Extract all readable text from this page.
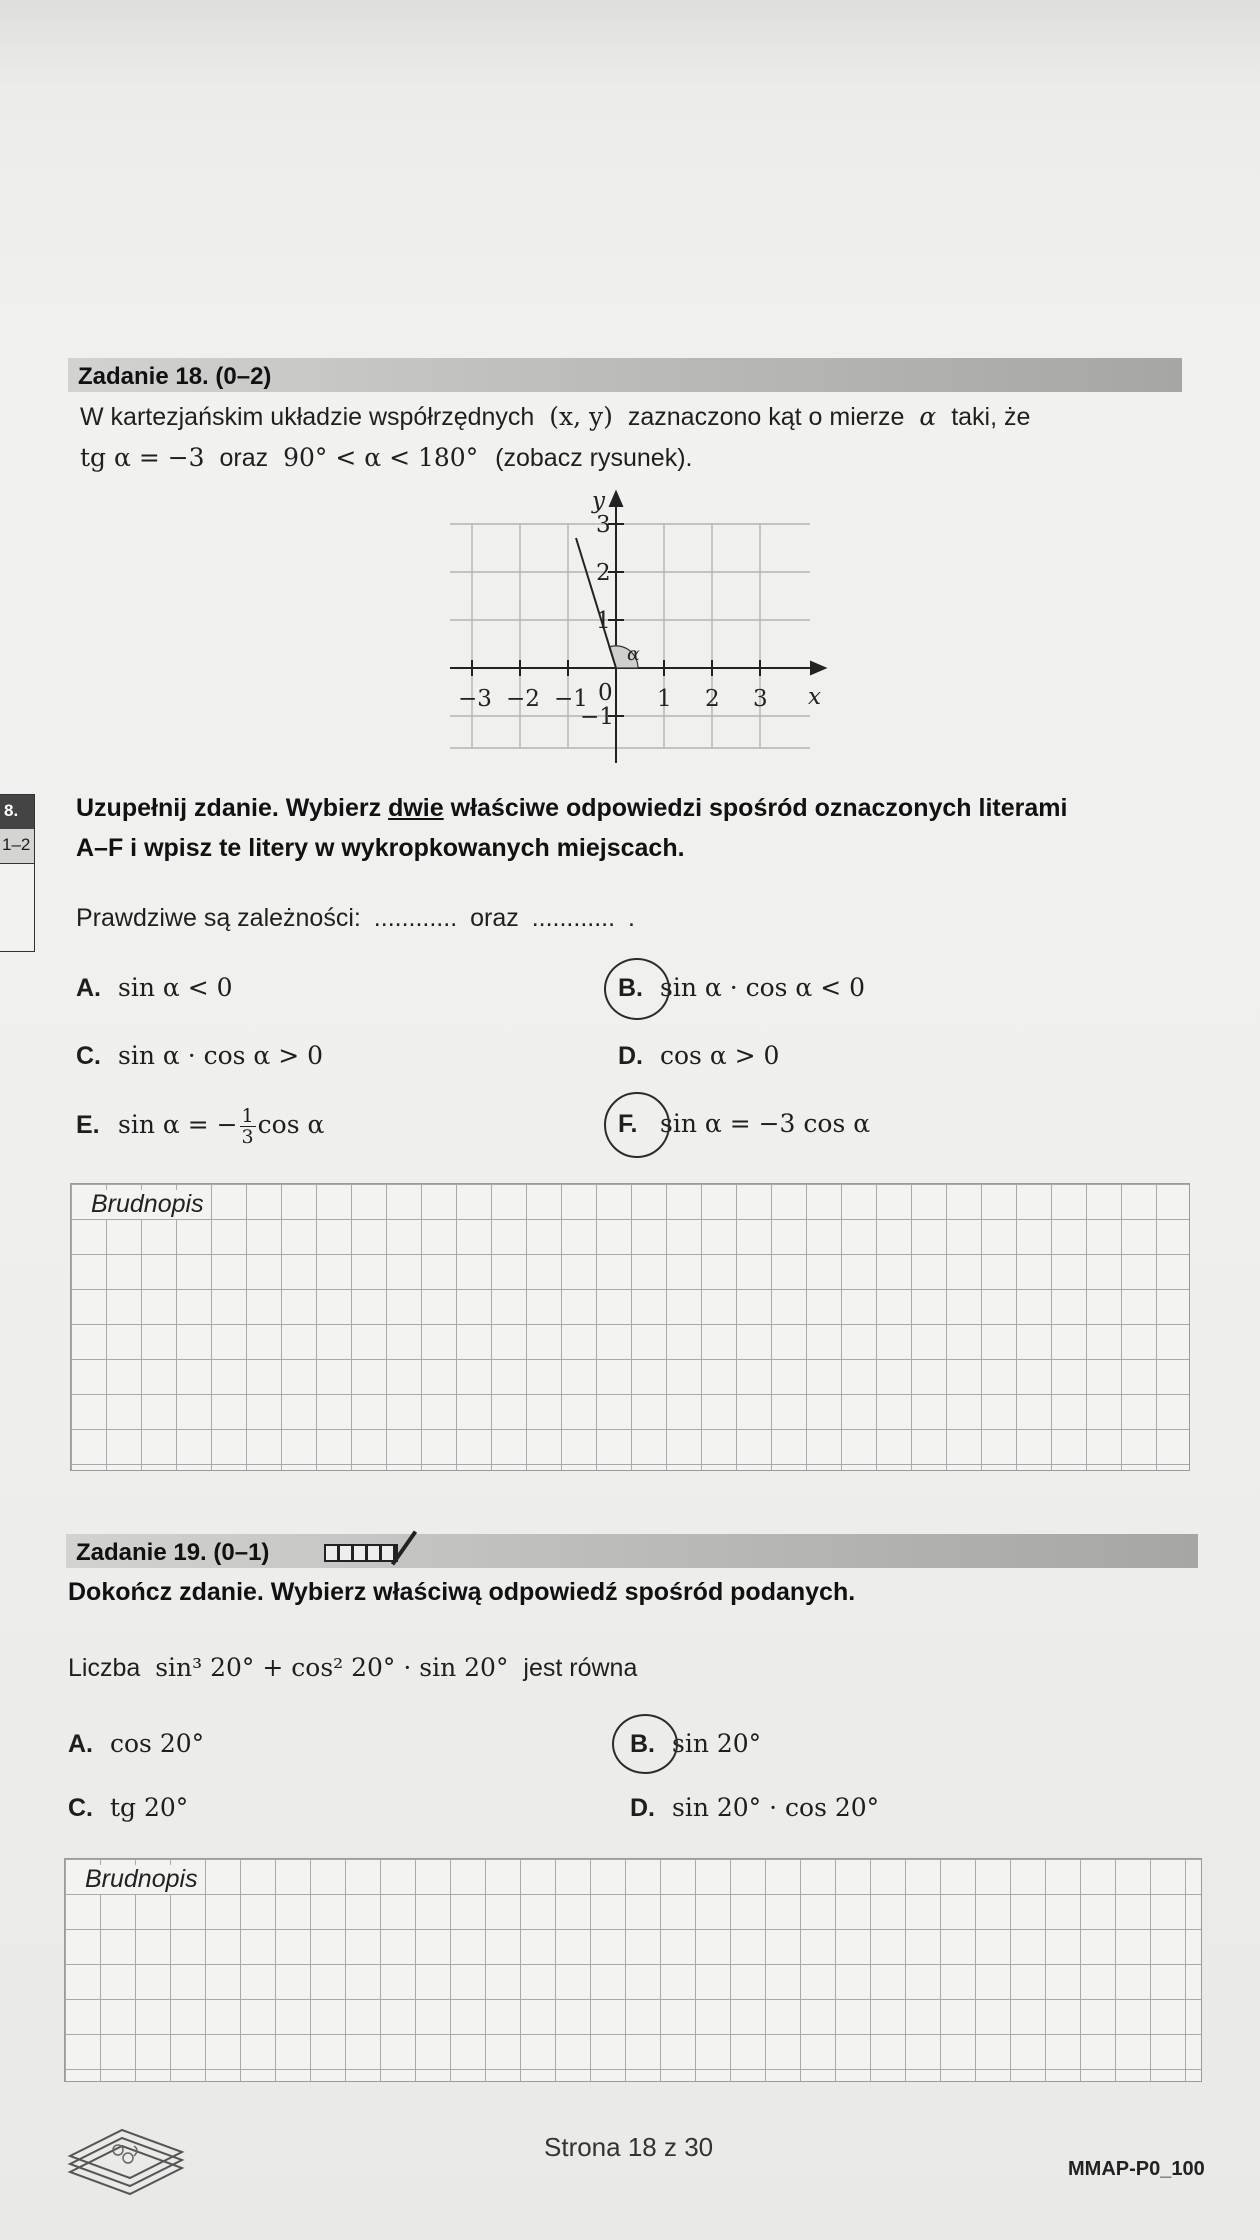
Zadanie 18. (0–2)
W kartezjańskim układzie współrzędnych (x, y) zaznaczono kąt o mierze α taki, że
tg α = −3 oraz 90° < α < 180° (zobacz rysunek).
y
x
0
α
−3 −2 −1	1 2 3
3
2
1
−1
8.
1–2
Uzupełnij zdanie. Wybierz dwie właściwe odpowiedzi spośród oznaczonych literami
A–F i wpisz te litery w wykropkowanych miejscach.
Prawdziwe są zależności: ............ oraz ............ .
A. sin α < 0	B. sin α · cos α < 0
C. sin α · cos α > 0	D. cos α > 0
E. sin α = − $\frac{1}{3}$ cos α	F. sin α = −3 cos α
Brudnopis
Zadanie 19. (0–1)
Dokończ zdanie. Wybierz właściwą odpowiedź spośród podanych.
Liczba sin³ 20° + cos² 20° · sin 20° jest równa
A. cos 20°	B. sin 20°
C. tg 20°	D. sin 20° · cos 20°
Brudnopis
Strona 18 z 30
MMAP-P0_100
